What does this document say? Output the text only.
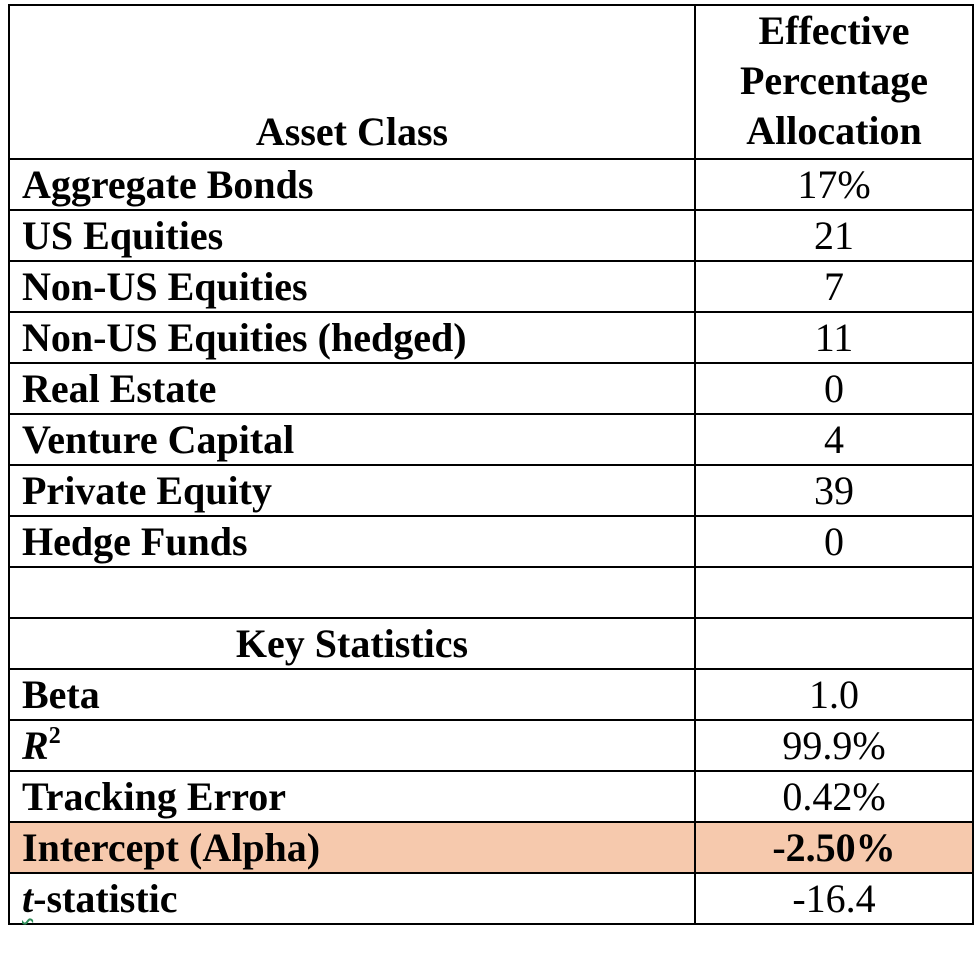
Asset Class	Effective
Percentage
Allocation

Aggregate Bonds	17%
US Equities	21
Non-US Equities	7
Non-US Equities (hedged)	11
Real Estate	0
Venture Capital	4
Private Equity	39
Hedge Funds	0

Key Statistics	
Beta	1.0
$R^2$	99.9%
Tracking Error	0.42%
Intercept (Alpha)	-2.50%
t-statistic	-16.4
